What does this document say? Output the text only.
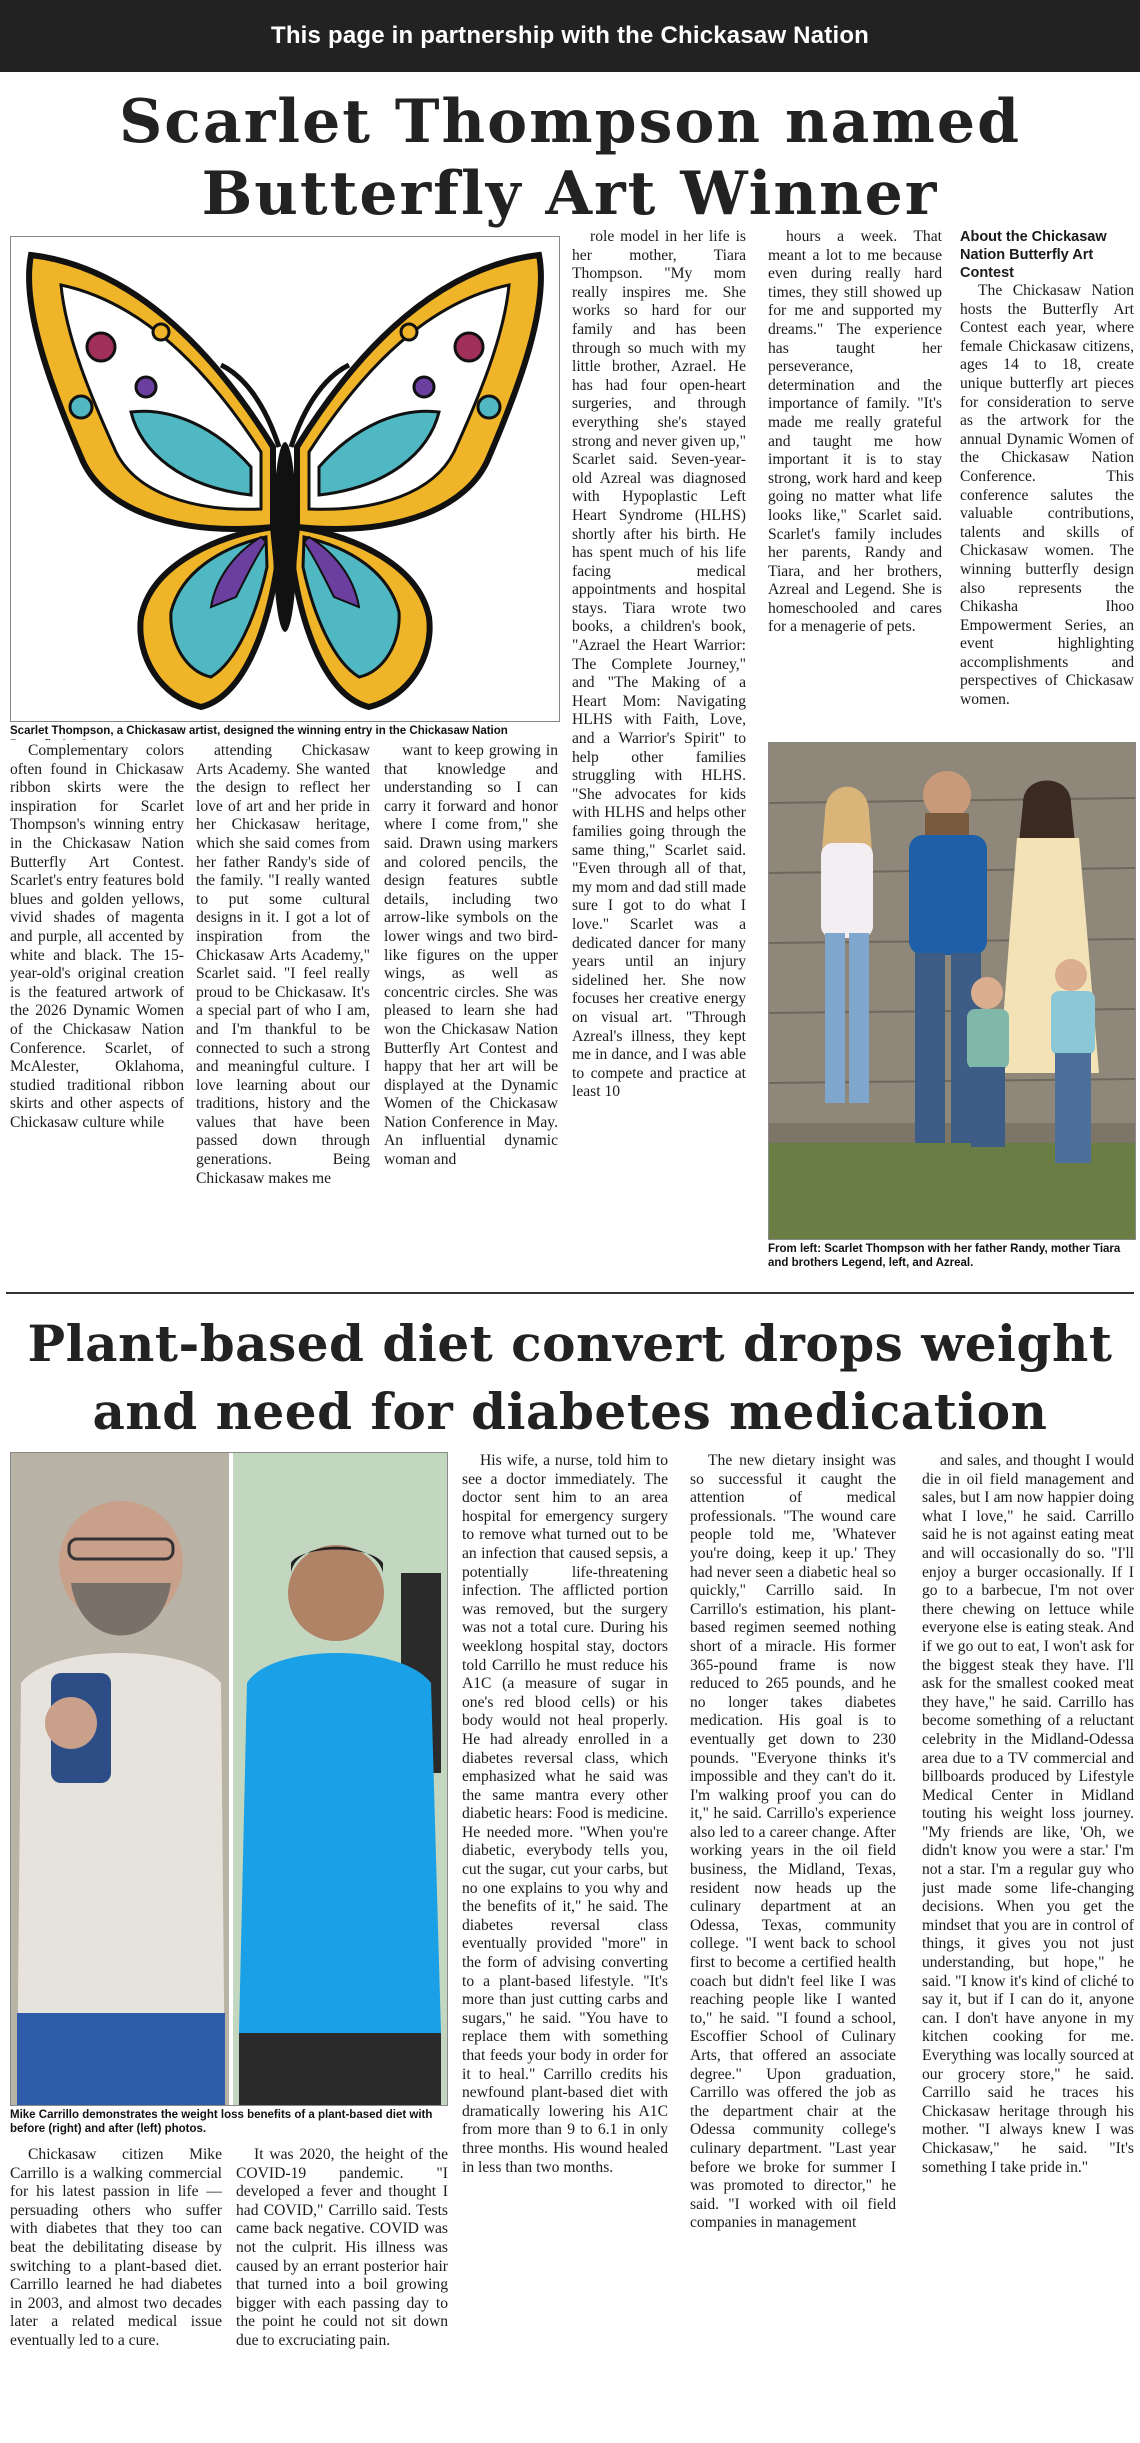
This page in partnership with the Chickasaw Nation
Scarlet Thompson named Butterfly Art Winner
Scarlet Thompson, a Chickasaw artist, designed the winning entry in the Chickasaw Nation

Complementary colors often found in Chickasaw ribbon skirts were the inspiration for Scarlet Thompson's winning entry in the Chickasaw Nation Butterfly Art Contest. Scarlet's entry features bold blues and golden yellows, vivid shades of magenta and purple, all accented by white and black. The 15-year-old's original creation is the featured artwork of the 2026 Dynamic Women of the Chickasaw Nation Conference. Scarlet, of McAlester, Oklahoma, studied traditional ribbon skirts and other aspects of Chickasaw culture while

attending Chickasaw Arts Academy. She wanted the design to reflect her love of art and her pride in her Chickasaw heritage, which she said comes from her father Randy's side of the family. "I really wanted to put some cultural designs in it. I got a lot of inspiration from the Chickasaw Arts Academy," Scarlet said. "I feel really proud to be Chickasaw. It's a special part of who I am, and I'm thankful to be connected to such a strong and meaningful culture. I love learning about our traditions, history and the values that have been passed down through generations. Being Chickasaw makes me

want to keep growing in that knowledge and understanding so I can carry it forward and honor where I come from," she said. Drawn using markers and colored pencils, the design features subtle details, including two arrow-like symbols on the lower wings and two bird-like figures on the upper wings, as well as concentric circles. She was pleased to learn she had won the Chickasaw Nation Butterfly Art Contest and happy that her art will be displayed at the Dynamic Women of the Chickasaw Nation Conference in May. An influential dynamic woman and

role model in her life is her mother, Tiara Thompson. "My mom really inspires me. She works so hard for our family and has been through so much with my little brother, Azrael. He has had four open-heart surgeries, and through everything she's stayed strong and never given up," Scarlet said. Seven-year-old Azreal was diagnosed with Hypoplastic Left Heart Syndrome (HLHS) shortly after his birth. He has spent much of his life facing medical appointments and hospital stays. Tiara wrote two books, a children's book, "Azrael the Heart Warrior: The Complete Journey," and "The Making of a Heart Mom: Navigating HLHS with Faith, Love, and a Warrior's Spirit" to help other families struggling with HLHS. "She advocates for kids with HLHS and helps other families going through the same thing," Scarlet said. "Even through all of that, my mom and dad still made sure I got to do what I love." Scarlet was a dedicated dancer for many years until an injury sidelined her. She now focuses her creative energy on visual art. "Through Azreal's illness, they kept me in dance, and I was able to compete and practice at least 10

hours a week. That meant a lot to me because even during really hard times, they still showed up for me and supported my dreams." The experience has taught her perseverance, determination and the importance of family. "It's made me really grateful and taught me how important it is to stay strong, work hard and keep going no matter what life looks like," Scarlet said. Scarlet's family includes her parents, Randy and Tiara, and her brothers, Azreal and Legend. She is homeschooled and cares for a menagerie of pets.

About the Chickasaw Nation Butterfly Art Contest

The Chickasaw Nation hosts the Butterfly Art Contest each year, where female Chickasaw citizens, ages 14 to 18, create unique butterfly art pieces for consideration to serve as the artwork for the annual Dynamic Women of the Chickasaw Nation Conference. This conference salutes the valuable contributions, talents and skills of Chickasaw women. The winning butterfly design also represents the Chikasha Ihoo Empowerment Series, an event highlighting accomplishments and perspectives of Chickasaw women.

From left: Scarlet Thompson with her father Randy, mother Tiara and brothers Legend, left, and Azreal.
Plant-based diet convert drops weight and need for diabetes medication
Mike Carrillo demonstrates the weight loss benefits of a plant-based diet with before (right) and after (left) photos.

Chickasaw citizen Mike Carrillo is a walking commercial for his latest passion in life — persuading others who suffer with diabetes that they too can beat the debilitating disease by switching to a plant-based diet. Carrillo learned he had diabetes in 2003, and almost two decades later a related medical issue eventually led to a cure.

It was 2020, the height of the COVID-19 pandemic. "I developed a fever and thought I had COVID," Carrillo said. Tests came back negative. COVID was not the culprit. His illness was caused by an errant posterior hair that turned into a boil growing bigger with each passing day to the point he could not sit down due to excruciating pain.

His wife, a nurse, told him to see a doctor immediately. The doctor sent him to an area hospital for emergency surgery to remove what turned out to be an infection that caused sepsis, a potentially life-threatening infection. The afflicted portion was removed, but the surgery was not a total cure. During his weeklong hospital stay, doctors told Carrillo he must reduce his A1C (a measure of sugar in one's red blood cells) or his body would not heal properly. He had already enrolled in a diabetes reversal class, which emphasized what he said was the same mantra every other diabetic hears: Food is medicine. He needed more. "When you're diabetic, everybody tells you, cut the sugar, cut your carbs, but no one explains to you why and the benefits of it," he said. The diabetes reversal class eventually provided "more" in the form of advising converting to a plant-based lifestyle. "It's more than just cutting carbs and sugars," he said. "You have to replace them with something that feeds your body in order for it to heal." Carrillo credits his newfound plant-based diet with dramatically lowering his A1C from more than 9 to 6.1 in only three months. His wound healed in less than two months.

The new dietary insight was so successful it caught the attention of medical professionals. "The wound care people told me, 'Whatever you're doing, keep it up.' They had never seen a diabetic heal so quickly," Carrillo said. In Carrillo's estimation, his plant-based regimen seemed nothing short of a miracle. His former 365-pound frame is now reduced to 265 pounds, and he no longer takes diabetes medication. His goal is to eventually get down to 230 pounds. "Everyone thinks it's impossible and they can't do it. I'm walking proof you can do it," he said. Carrillo's experience also led to a career change. After working years in the oil field business, the Midland, Texas, resident now heads up the culinary department at an Odessa, Texas, community college. "I went back to school first to become a certified health coach but didn't feel like I was reaching people like I wanted to," he said. "I found a school, Escoffier School of Culinary Arts, that offered an associate degree." Upon graduation, Carrillo was offered the job as the department chair at the Odessa community college's culinary department. "Last year before we broke for summer I was promoted to director," he said. "I worked with oil field companies in management

and sales, and thought I would die in oil field management and sales, but I am now happier doing what I love," he said. Carrillo said he is not against eating meat and will occasionally do so. "I'll enjoy a burger occasionally. If I go to a barbecue, I'm not over there chewing on lettuce while everyone else is eating steak. And if we go out to eat, I won't ask for the biggest steak they have. I'll ask for the smallest cooked meat they have," he said. Carrillo has become something of a reluctant celebrity in the Midland-Odessa area due to a TV commercial and billboards produced by Lifestyle Medical Center in Midland touting his weight loss journey. "My friends are like, 'Oh, we didn't know you were a star.' I'm not a star. I'm a regular guy who just made some life-changing decisions. When you get the mindset that you are in control of things, it gives you not just understanding, but hope," he said. "I know it's kind of cliché to say it, but if I can do it, anyone can. I don't have anyone in my kitchen cooking for me. Everything was locally sourced at our grocery store," he said. Carrillo said he traces his Chickasaw heritage through his mother. "I always knew I was Chickasaw," he said. "It's something I take pride in."
